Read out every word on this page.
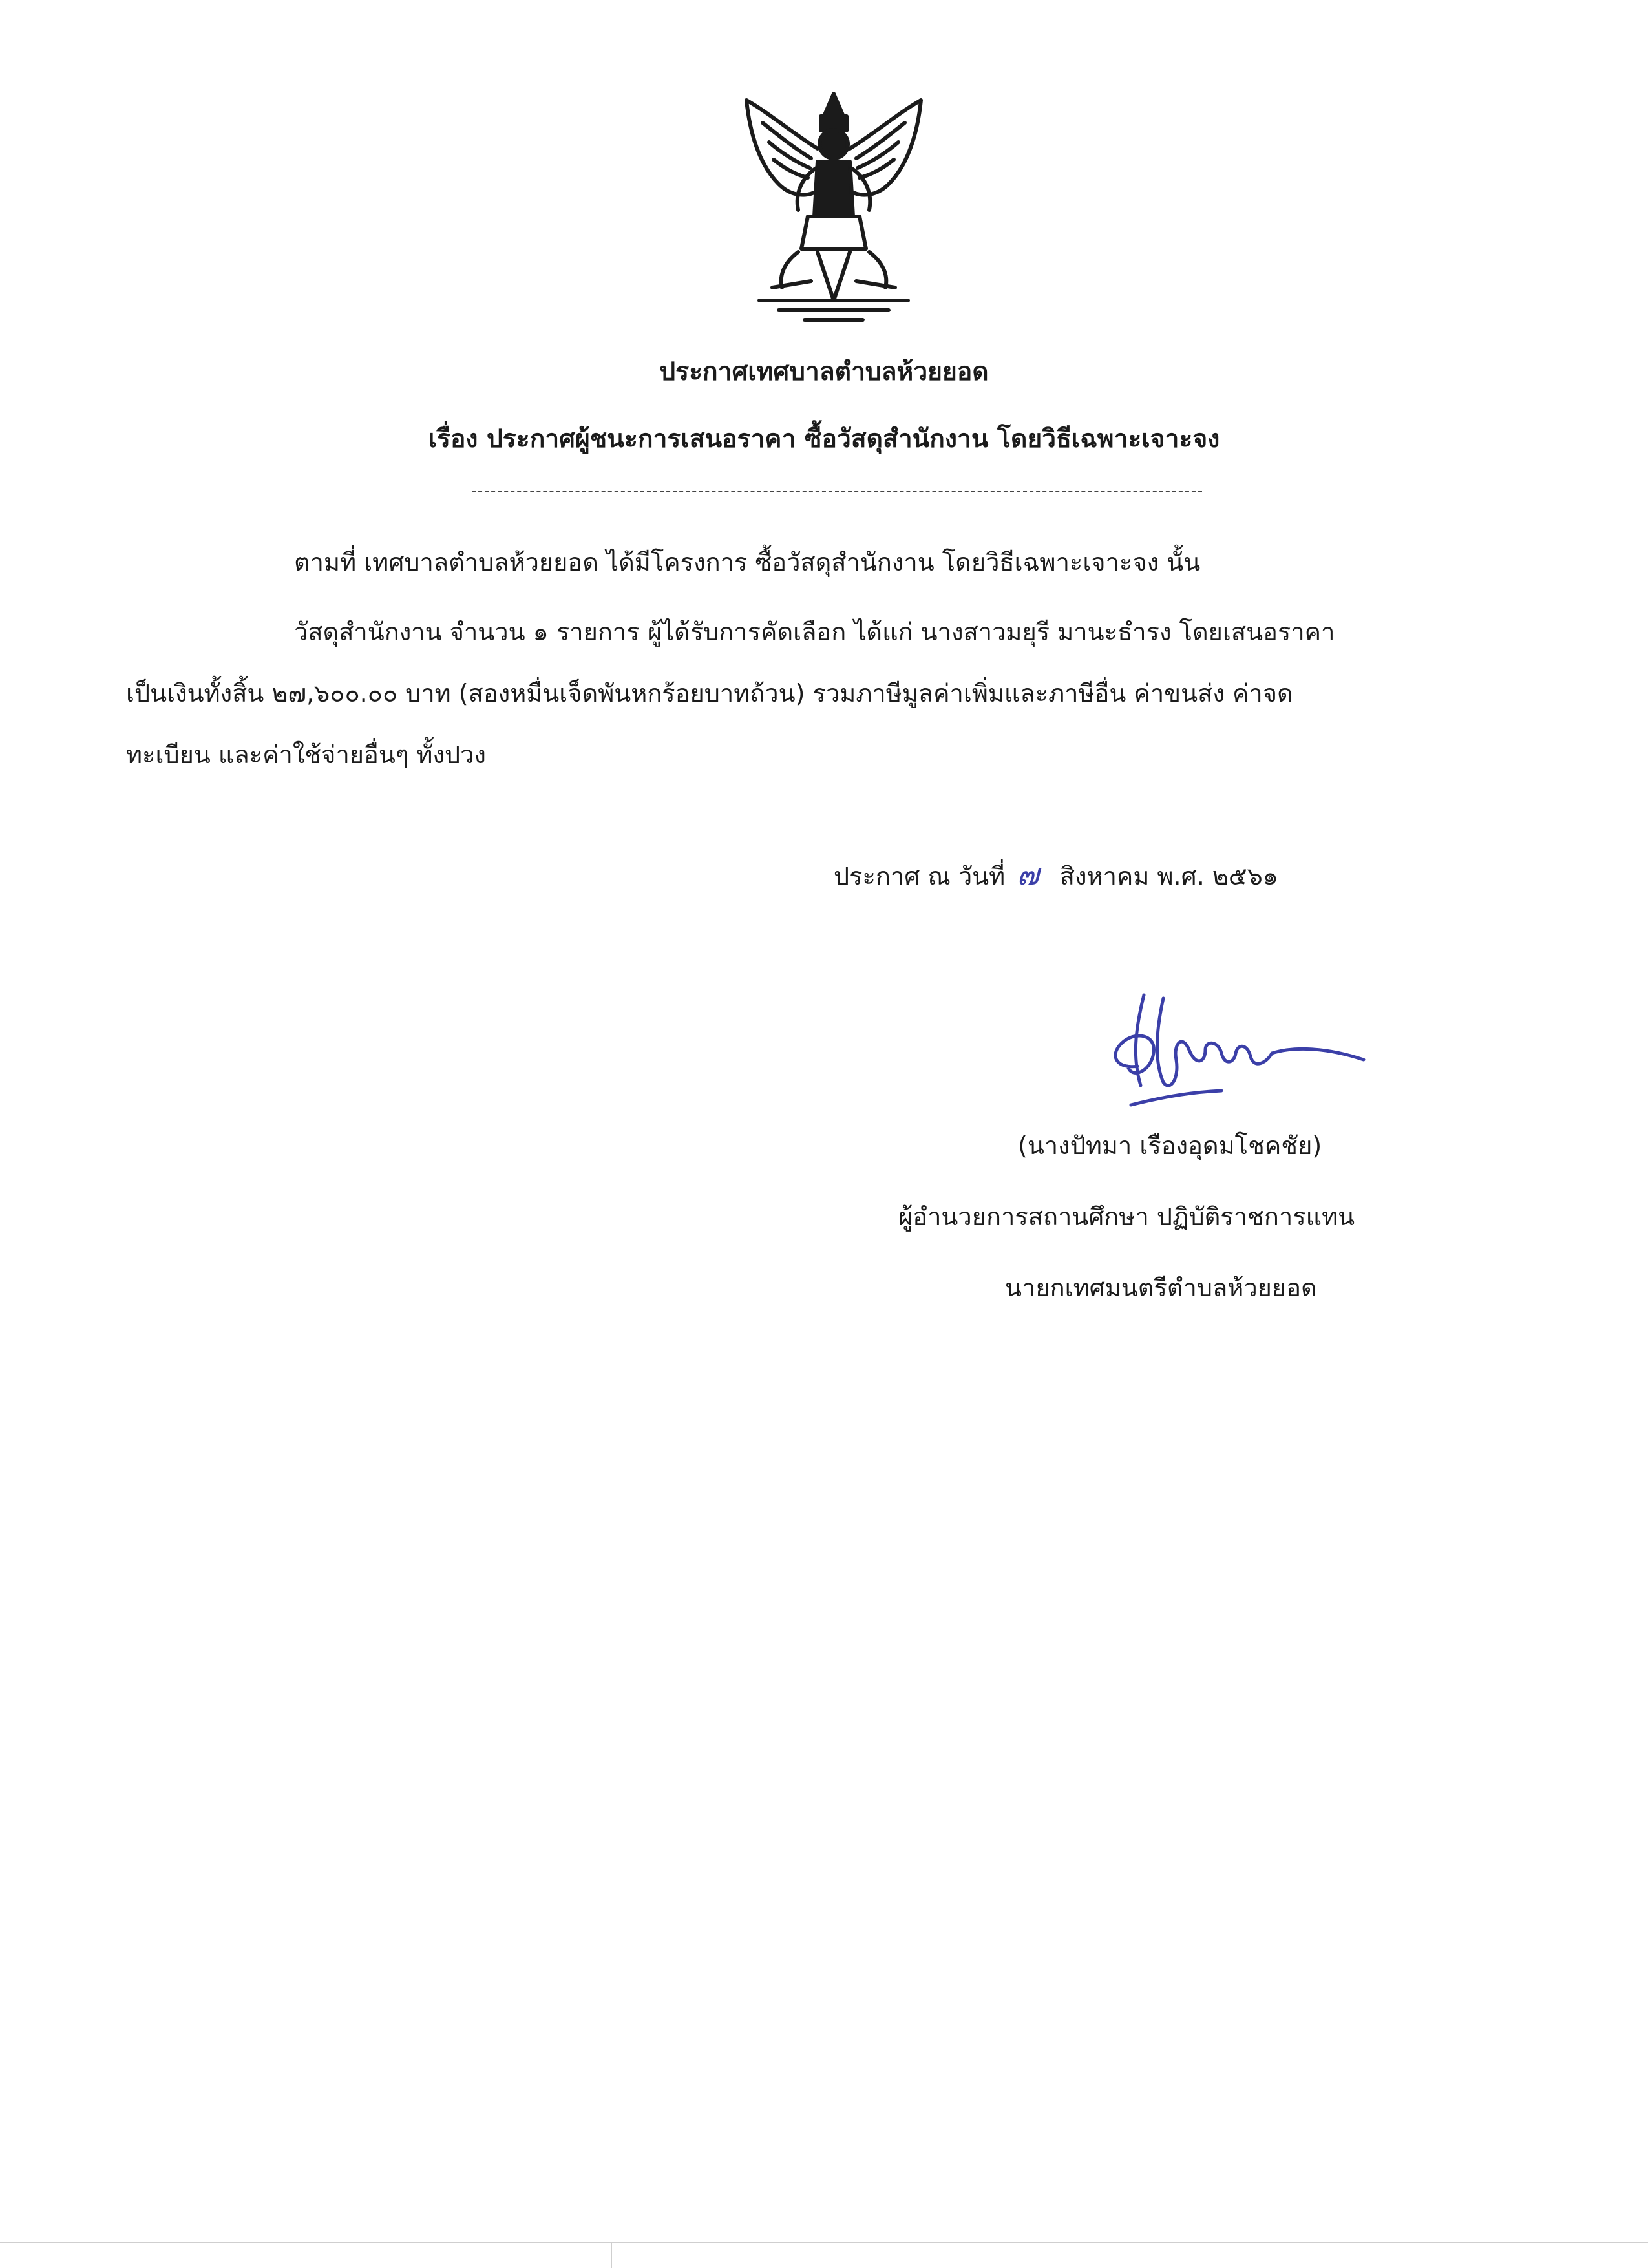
ประกาศเทศบาลตำบลห้วยยอด
เรื่อง ประกาศผู้ชนะการเสนอราคา ซื้อวัสดุสำนักงาน โดยวิธีเฉพาะเจาะจง
ตามที่ เทศบาลตำบลห้วยยอด ได้มีโครงการ ซื้อวัสดุสำนักงาน โดยวิธีเฉพาะเจาะจง นั้น
วัสดุสำนักงาน จำนวน ๑ รายการ ผู้ได้รับการคัดเลือก ได้แก่ นางสาวมยุรี มานะธำรง โดยเสนอราคา
เป็นเงินทั้งสิ้น ๒๗,๖๐๐.๐๐ บาท (สองหมื่นเจ็ดพันหกร้อยบาทถ้วน) รวมภาษีมูลค่าเพิ่มและภาษีอื่น ค่าขนส่ง ค่าจด
ทะเบียน และค่าใช้จ่ายอื่นๆ ทั้งปวง
ประกาศ ณ วันที่ ๗ สิงหาคม พ.ศ. ๒๕๖๑
(นางปัทมา เรืองอุดมโชคชัย)
ผู้อำนวยการสถานศึกษา ปฏิบัติราชการแทน
นายกเทศมนตรีตำบลห้วยยอด
